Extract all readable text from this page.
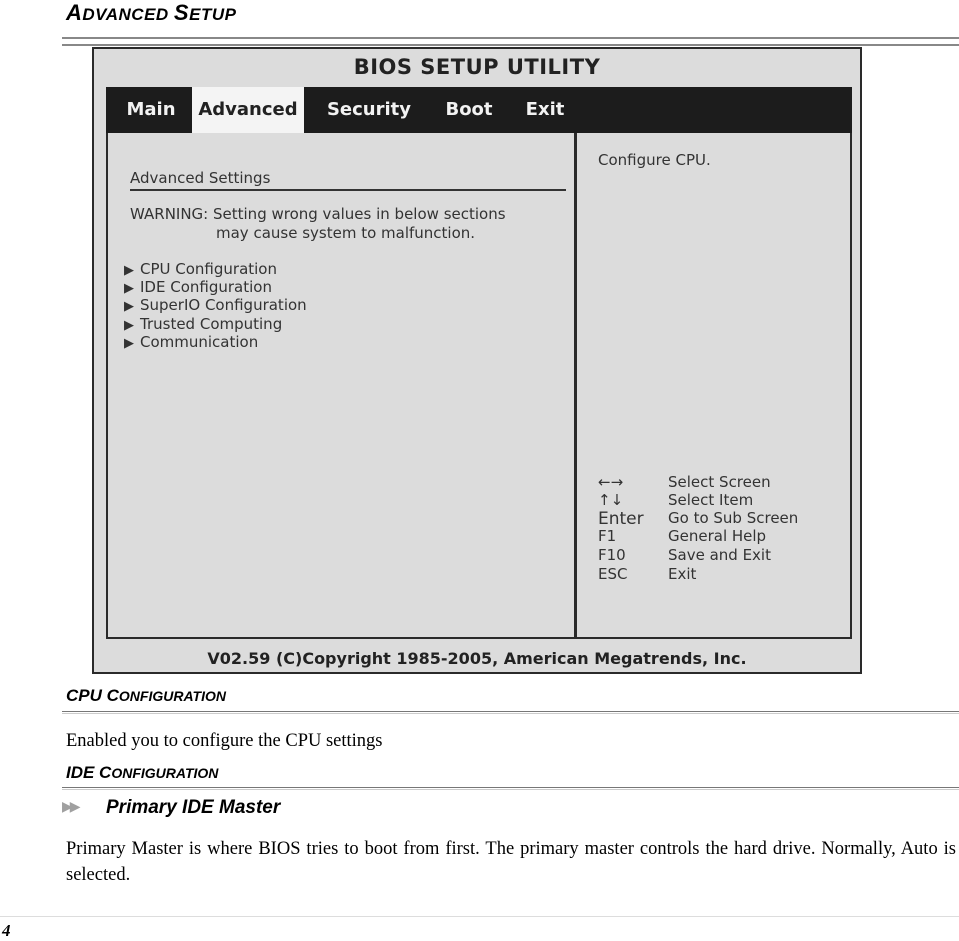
ADVANCED SETUP
BIOS SETUP UTILITY
Main	Advanced	Security	Boot	Exit
Advanced Settings
WARNING: Setting wrong values in below sections
may cause system to malfunction.
▶ CPU Configuration
▶ IDE Configuration
▶ SuperIO Configuration
▶ Trusted Computing
▶ Communication
Configure CPU.
←→	Select Screen
↑↓	Select Item
Enter Go to Sub Screen
F1	General Help
F10	Save and Exit
ESC	Exit
V02.59 (C)Copyright 1985-2005, American Megatrends, Inc.
CPU CONFIGURATION
Enabled you to configure the CPU settings
IDE CONFIGURATION
▶▶ Primary IDE Master
Primary Master is where BIOS tries to boot from first. The primary master controls the hard drive. Normally, Auto is selected.
4
